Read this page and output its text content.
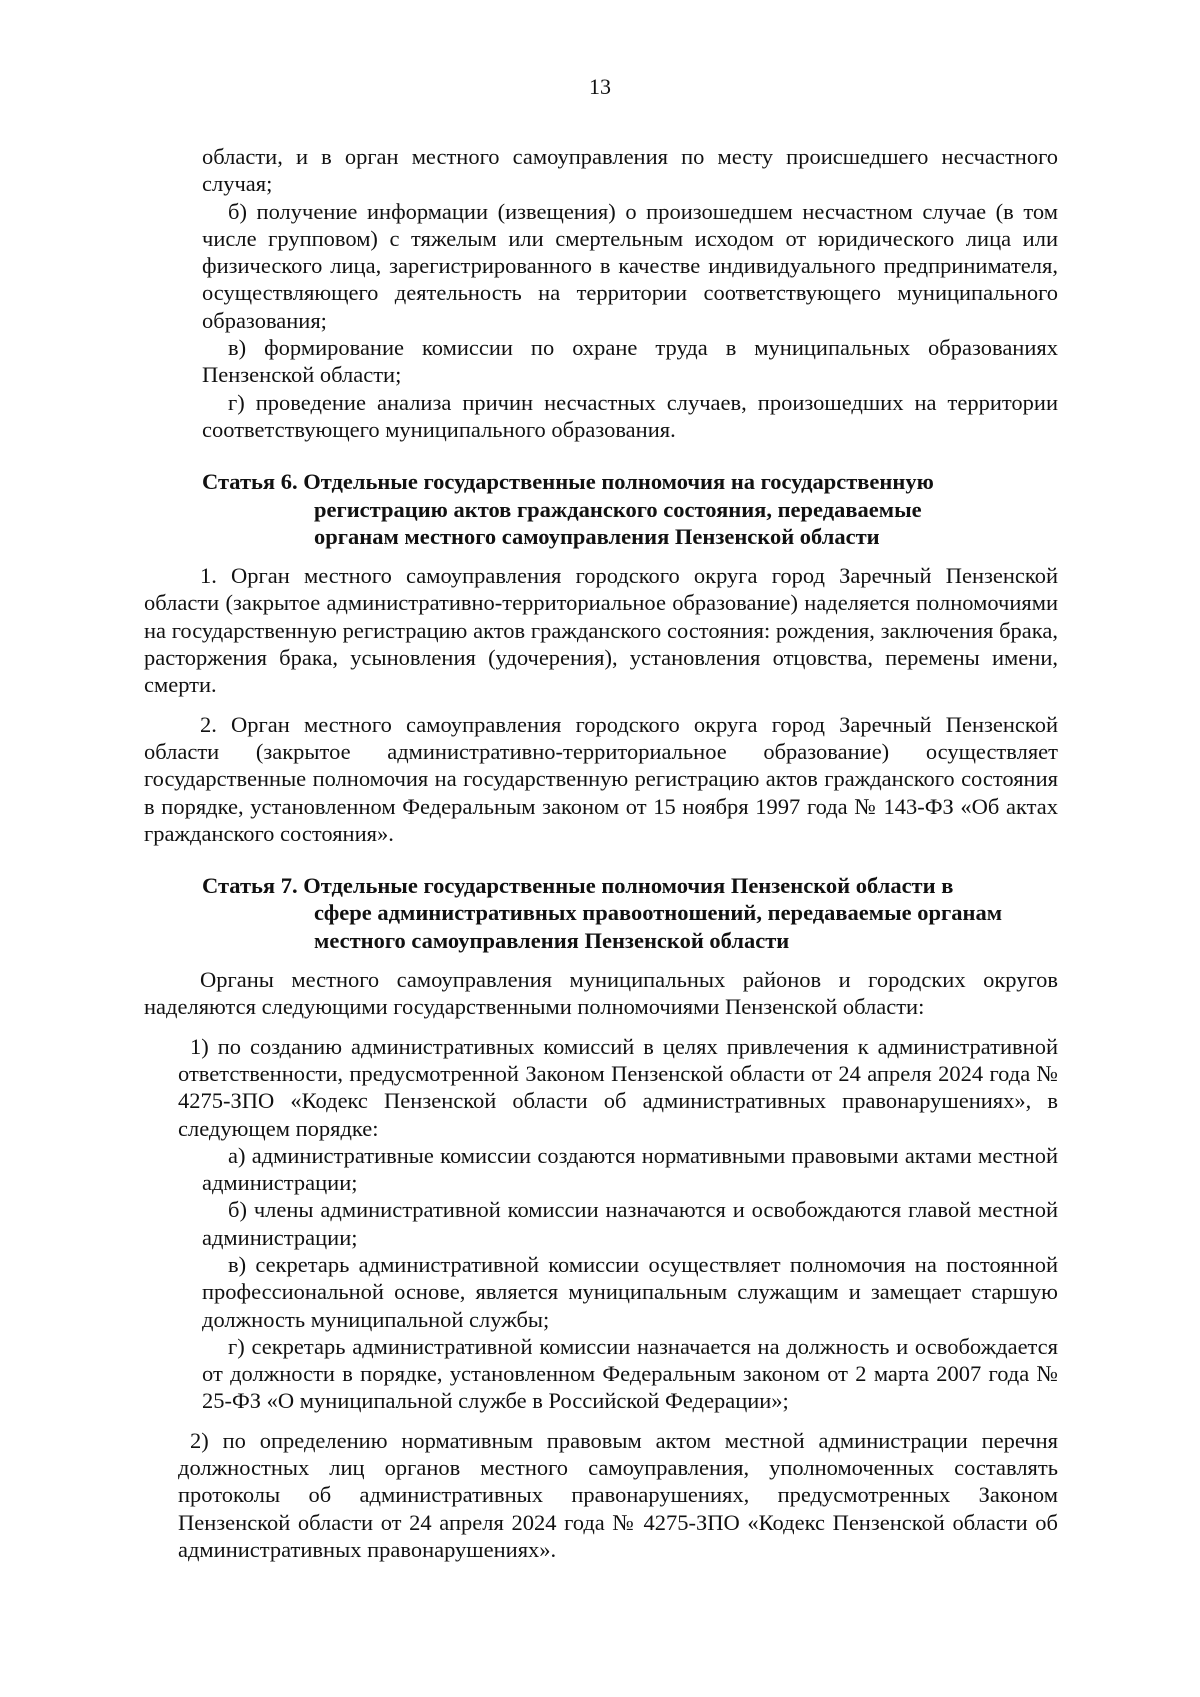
13

области, и в орган местного самоуправления по месту происшедшего несчастного случая;

б) получение информации (извещения) о произошедшем несчастном случае (в том числе групповом) с тяжелым или смертельным исходом от юридического лица или физического лица, зарегистрированного в качестве индивидуального предпринимателя, осуществляющего деятельность на территории соответствующего муниципального образования;

в) формирование комиссии по охране труда в муниципальных образованиях Пензенской области;

г) проведение анализа причин несчастных случаев, произошедших на территории соответствующего муниципального образования.

Статья 6. Отдельные государственные полномочия на государственную
регистрацию актов гражданского состояния, передаваемые
органам местного самоуправления Пензенской области

1. Орган местного самоуправления городского округа город Заречный Пензенской области (закрытое административно-территориальное образование) наделяется полномочиями на государственную регистрацию актов гражданского состояния: рождения, заключения брака, расторжения брака, усыновления (удочерения), установления отцовства, перемены имени, смерти.

2. Орган местного самоуправления городского округа город Заречный Пензенской области (закрытое административно-территориальное образование) осуществляет государственные полномочия на государственную регистрацию актов гражданского состояния в порядке, установленном Федеральным законом от 15 ноября 1997 года № 143-ФЗ «Об актах гражданского состояния».

Статья 7. Отдельные государственные полномочия Пензенской области в
сфере административных правоотношений, передаваемые органам
местного самоуправления Пензенской области

Органы местного самоуправления муниципальных районов и городских округов наделяются следующими государственными полномочиями Пензенской области:

1) по созданию административных комиссий в целях привлечения к административной ответственности, предусмотренной Законом Пензенской области от 24 апреля 2024 года № 4275-ЗПО «Кодекс Пензенской области об административных правонарушениях», в следующем порядке:

а) административные комиссии создаются нормативными правовыми актами местной администрации;

б) члены административной комиссии назначаются и освобождаются главой местной администрации;

в) секретарь административной комиссии осуществляет полномочия на постоянной профессиональной основе, является муниципальным служащим и замещает старшую должность муниципальной службы;

г) секретарь административной комиссии назначается на должность и освобождается от должности в порядке, установленном Федеральным законом от 2 марта 2007 года № 25-ФЗ «О муниципальной службе в Российской Федерации»;

2) по определению нормативным правовым актом местной администрации перечня должностных лиц органов местного самоуправления, уполномоченных составлять протоколы об административных правонарушениях, предусмотренных Законом Пензенской области от 24 апреля 2024 года № 4275-ЗПО «Кодекс Пензенской области об административных правонарушениях».
